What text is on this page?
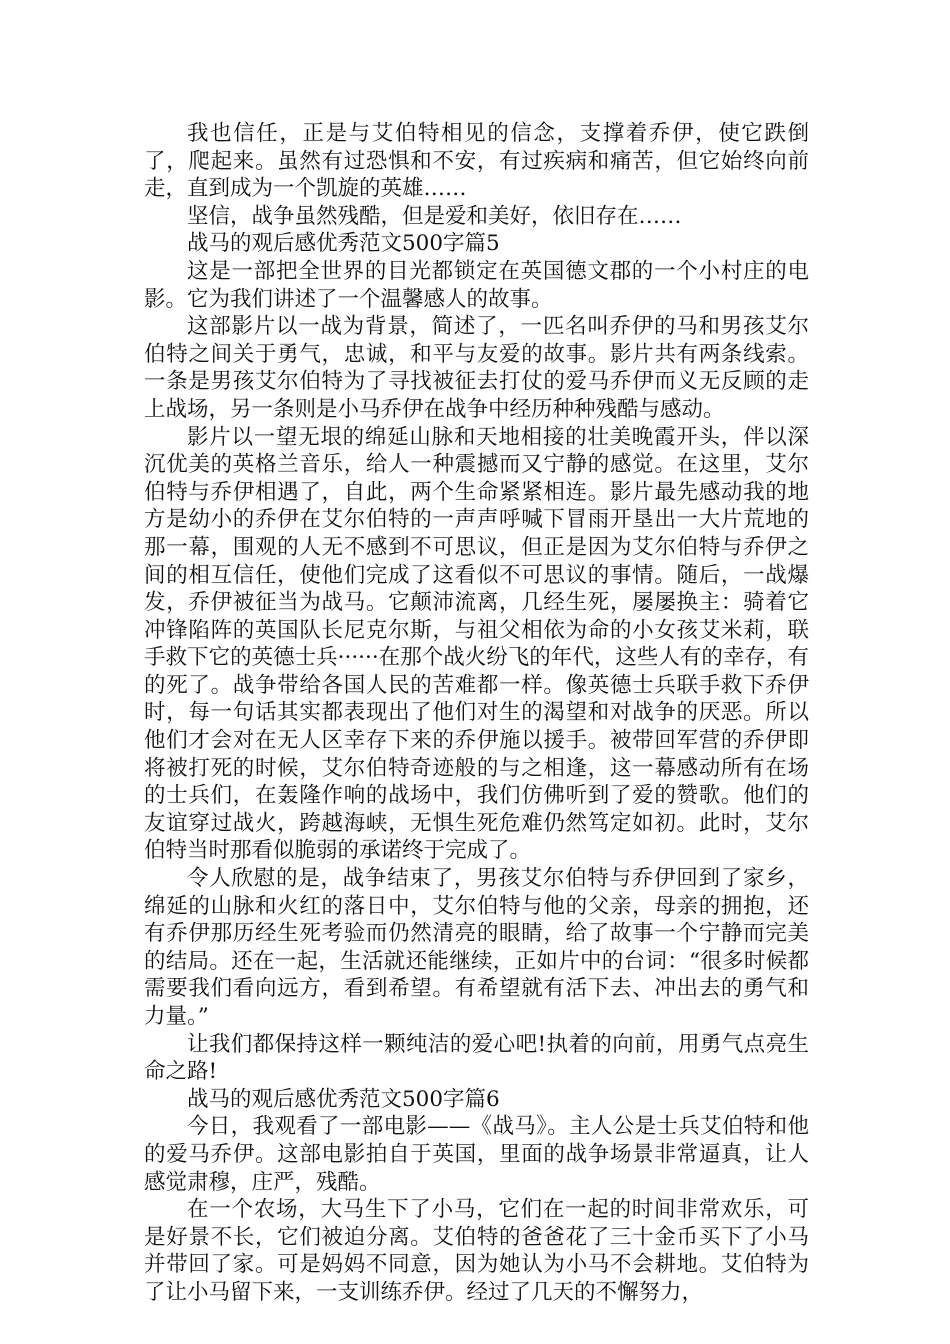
我也信任，正是与艾伯特相见的信念，支撑着乔伊，使它跌倒了，爬起来。虽然有过恐惧和不安，有过疾病和痛苦，但它始终向前走，直到成为一个凯旋的英雄……

坚信，战争虽然残酷，但是爱和美好，依旧存在……

战马的观后感优秀范文500字篇5

这是一部把全世界的目光都锁定在英国德文郡的一个小村庄的电影。它为我们讲述了一个温馨感人的故事。

这部影片以一战为背景，简述了，一匹名叫乔伊的马和男孩艾尔伯特之间关于勇气，忠诚，和平与友爱的故事。影片共有两条线索。一条是男孩艾尔伯特为了寻找被征去打仗的爱马乔伊而义无反顾的走上战场，另一条则是小马乔伊在战争中经历种种残酷与感动。

影片以一望无垠的绵延山脉和天地相接的壮美晚霞开头，伴以深沉优美的英格兰音乐，给人一种震撼而又宁静的感觉。在这里，艾尔伯特与乔伊相遇了，自此，两个生命紧紧相连。影片最先感动我的地方是幼小的乔伊在艾尔伯特的一声声呼喊下冒雨开垦出一大片荒地的那一幕，围观的人无不感到不可思议，但正是因为艾尔伯特与乔伊之间的相互信任，使他们完成了这看似不可思议的事情。随后，一战爆发，乔伊被征当为战马。它颠沛流离，几经生死，屡屡换主：骑着它冲锋陷阵的英国队长尼克尔斯，与祖父相依为命的小女孩艾米莉，联手救下它的英德士兵······在那个战火纷飞的年代，这些人有的幸存，有的死了。战争带给各国人民的苦难都一样。像英德士兵联手救下乔伊时，每一句话其实都表现出了他们对生的渴望和对战争的厌恶。所以他们才会对在无人区幸存下来的乔伊施以援手。被带回军营的乔伊即将被打死的时候，艾尔伯特奇迹般的与之相逢，这一幕感动所有在场的士兵们，在轰隆作响的战场中，我们仿佛听到了爱的赞歌。他们的友谊穿过战火，跨越海峡，无惧生死危难仍然笃定如初。此时，艾尔伯特当时那看似脆弱的承诺终于完成了。

令人欣慰的是，战争结束了，男孩艾尔伯特与乔伊回到了家乡，绵延的山脉和火红的落日中，艾尔伯特与他的父亲，母亲的拥抱，还有乔伊那历经生死考验而仍然清亮的眼睛，给了故事一个宁静而完美的结局。还在一起，生活就还能继续，正如片中的台词：“很多时候都需要我们看向远方，看到希望。有希望就有活下去、冲出去的勇气和力量。”

让我们都保持这样一颗纯洁的爱心吧!执着的向前，用勇气点亮生命之路!

战马的观后感优秀范文500字篇6

今日，我观看了一部电影——《战马》。主人公是士兵艾伯特和他的爱马乔伊。这部电影拍自于英国，里面的战争场景非常逼真，让人感觉肃穆，庄严，残酷。

在一个农场，大马生下了小马，它们在一起的时间非常欢乐，可是好景不长，它们被迫分离。艾伯特的爸爸花了三十金币买下了小马并带回了家。可是妈妈不同意，因为她认为小马不会耕地。艾伯特为了让小马留下来，一支训练乔伊。经过了几天的不懈努力，
